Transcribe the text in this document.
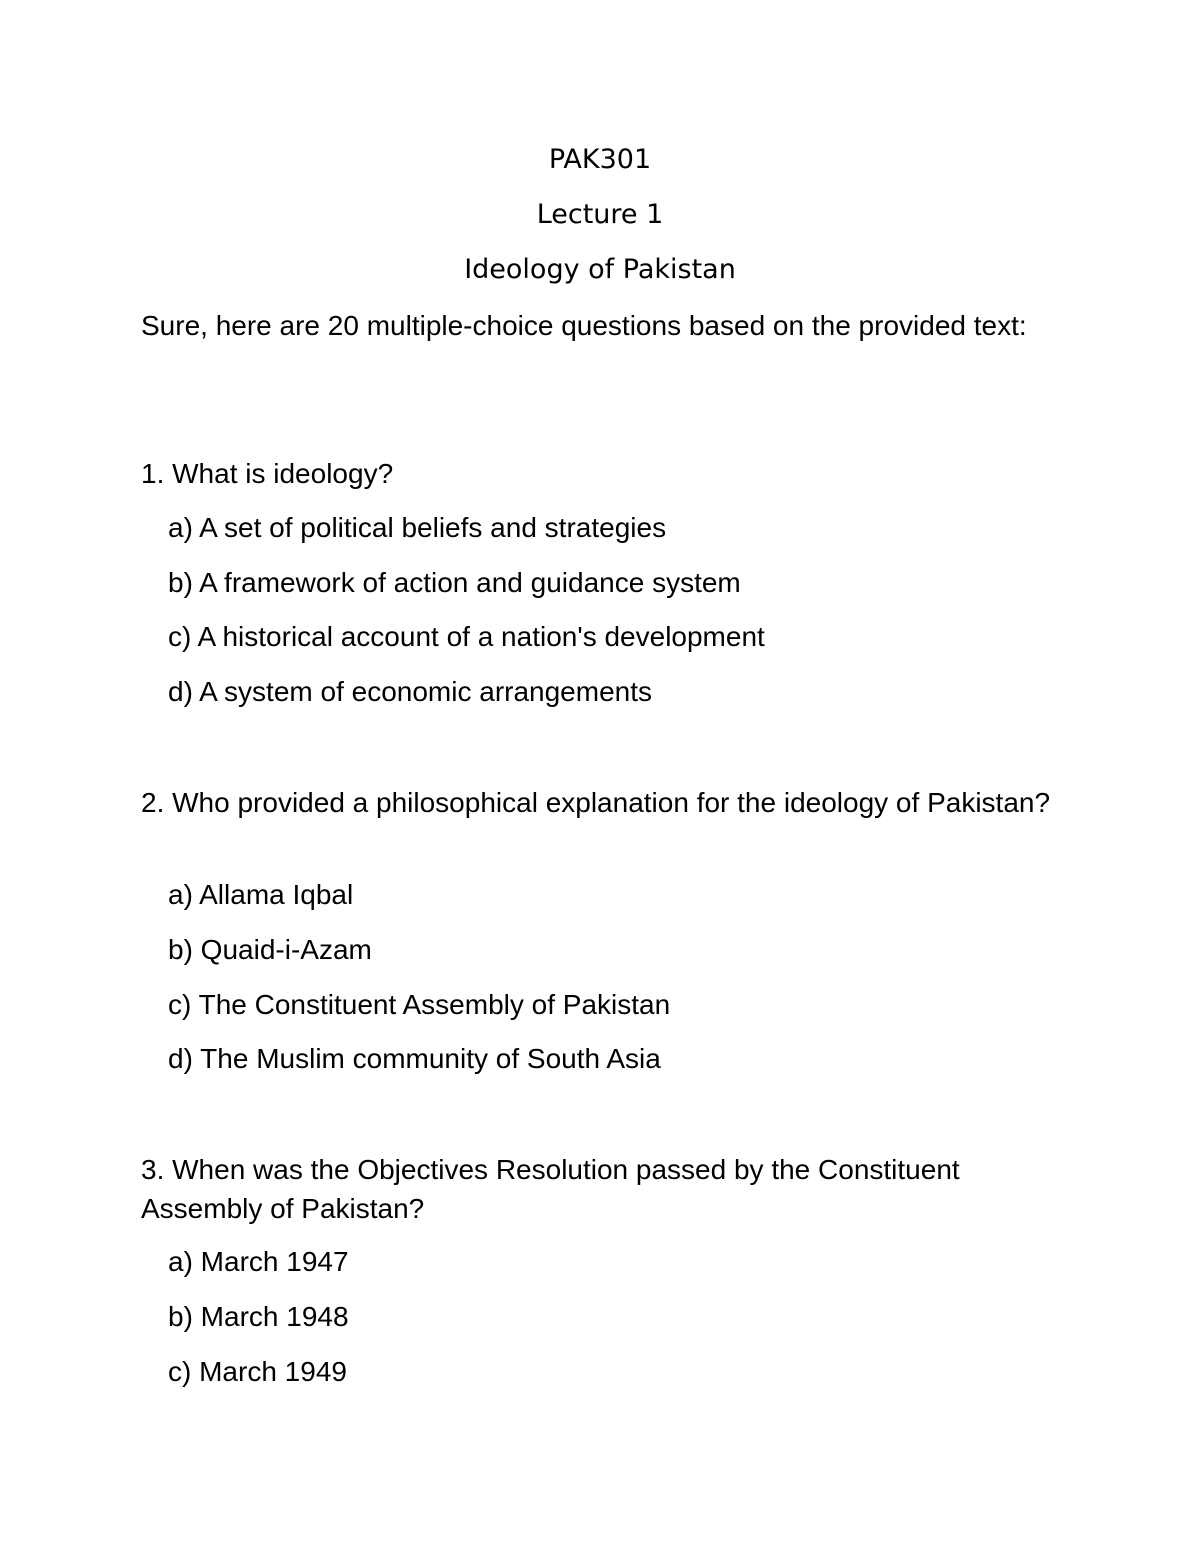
PAK301
Lecture 1
Ideology of Pakistan
Sure, here are 20 multiple-choice questions based on the provided text:
1. What is ideology?
a) A set of political beliefs and strategies
b) A framework of action and guidance system
c) A historical account of a nation's development
d) A system of economic arrangements
2. Who provided a philosophical explanation for the ideology of Pakistan?
a) Allama Iqbal
b) Quaid-i-Azam
c) The Constituent Assembly of Pakistan
d) The Muslim community of South Asia
3. When was the Objectives Resolution passed by the Constituent Assembly of Pakistan?
a) March 1947
b) March 1948
c) March 1949
